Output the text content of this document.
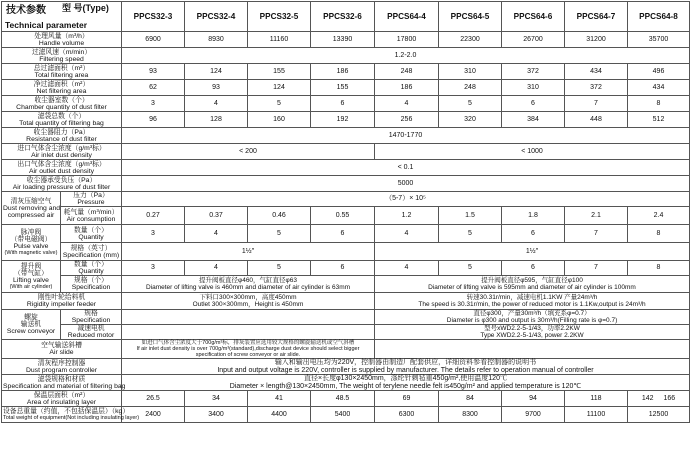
技术参数 型 号(Type)
Technical parameter		PPCS32-3	PPCS32-4	PPCS32-5	PPCS32-6	PPCS64-4	PPCS64-5	PPCS64-6	PPCS64-7	PPCS64-8

处理风量（m³/h）
Handle volume		6900	8930	11160	13390	17800	22300	26700	31200	35700

过滤风速（m/min）
Filtering speed		1.2-2.0								

总过滤面积（m²）
Total filtering area		93	124	155	186	248	310	372	434	496

净过滤面积（m²）
Net filtering area		62	93	124	155	186	248	310	372	434

收尘器室数（个）
Chamber quantity of dust filter		3	4	5	6	4	5	6	7	8

滤袋总数（个）
Total quantity of filtering bag		96	128	160	192	256	320	384	448	512

收尘器阻力（Pa）
Resistance of dust filter		1470-1770								

进口气体含尘浓度（g/m³标）
Air inlet dust density		< 200				< 1000				

出口气体含尘浓度（g/m³标）
Air outlet dust density		< 0.1								

收尘器承受负压（Pa）
Air loading pressure of dust filter		5000								

清灰压缩空气
Dust removing and
compressed air	压力（Pa）
Pressure	（5-7）× 10⁵								

	耗气量（m³/min）
Air consumption	0.27	0.37	0.46	0.55	1.2	1.5	1.8	2.1	2.4

脉冲阀
（带电磁阀）
Pulse valve
(With magnetic valve)	数量（个）
Quantity	3	4	5	6	4	5	6	7	8

	规格（英寸）
Specification (mm)	1½″				1½″				

提升阀
（带气缸）
Lifting valve
(With air cylinder)	数量（个）
Quantity	3	4	5	6	4	5	6	7	8

	规格（个）
Specification	提升阀板直径φ460，气缸直径φ63
Diameter of lifting valve is 460mm and diameter of air cylinder is 63mm				提升阀板直径φ595，气缸直径φ100
Diameter of lifting valve is 595mm and diameter of air cylinder is 100mm				

刚性叶轮给料机
Rigidity impeller feeder		下料口300×300mm，高度450mm
Outlet 300×300mm，Height is 450mm				转速30.31r/min，减速电机1.1KW 产量24m³/h
The speed is 30.31r/min, the power of reduced motor is 1.1Kw,output is 24m³/h				

螺旋
输送机
Screw conveyor	规格
Specification					直径φ300，产量30m³/h（填充系φ=0.7）
Diameter is φ300 and output is 30m³/h(Filling rate is φ=0.7)				

	减速电机
Reduced motor					型号xWD2.2-5-1/43，功率2.2KW
Type XWD2.2-5-1/43, power 2.2KW				

空气输送斜槽
Air slide		如进口气体含尘浓度大于700g/m³标，排灰装置应选用较大规格的螺旋输送机或空气斜槽
If air inlet dust density is over 700g/m³(standard),discharge dust device should select bigger specification of screw conveyor or air slide.								

清灰程序控制器
Dust program controller		输入和输出电压均为220V，控制器由制造厂配套供应，详细资料参看控制器的说明书
Input and output voltage is 220V, controller is supplied by manufacturer. The details refer to operation manual of controller								

滤袋规格和材质
Specification and material of filtering bag		直径×长度φ130×2450mm，涤纶针刺毡重450g/m²,使用温度120℃
Diameter × length@130×2450mm, The weight of terylene needle felt is450g/m² and applied temperature is 120℃								

保温层面积（m²）
Area of insulating layer		26.5	34	41	48.5	69	84	94	118	142 166

设备总重量（约值，不包括保温层）（kg）
Total weight of equipment(Not including insulating layer)		2400	3400	4400	5400	6300	8300	9700	11100	12500
